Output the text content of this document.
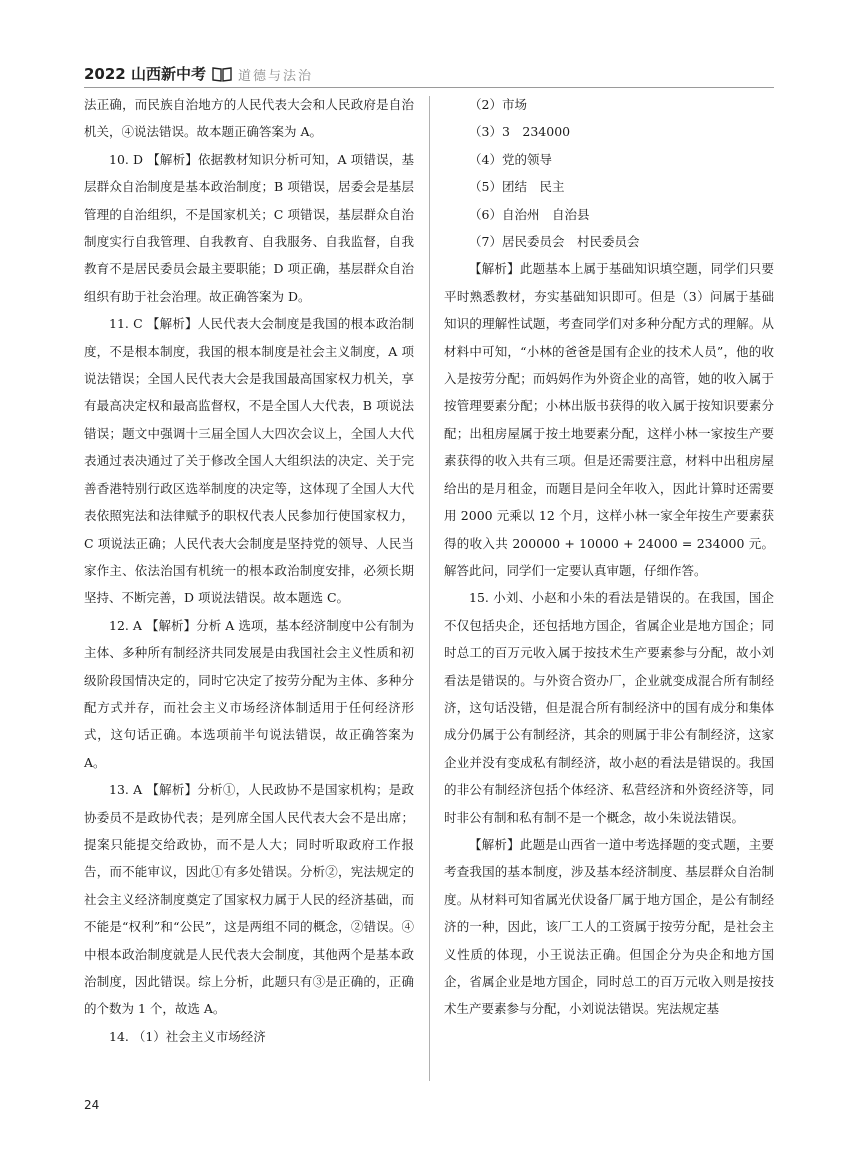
2022 山西新中考 道德与法治

法正确，而民族自治地方的人民代表大会和人民政府是自治机关，④说法错误。故本题正确答案为 A。

10. D 【解析】依据教材知识分析可知，A 项错误，基层群众自治制度是基本政治制度；B 项错误，居委会是基层管理的自治组织，不是国家机关；C 项错误，基层群众自治制度实行自我管理、自我教育、自我服务、自我监督，自我教育不是居民委员会最主要职能；D 项正确，基层群众自治组织有助于社会治理。故正确答案为 D。

11. C 【解析】人民代表大会制度是我国的根本政治制度，不是根本制度，我国的根本制度是社会主义制度，A 项说法错误；全国人民代表大会是我国最高国家权力机关，享有最高决定权和最高监督权，不是全国人大代表，B 项说法错误；题文中强调十三届全国人大四次会议上，全国人大代表通过表决通过了关于修改全国人大组织法的决定、关于完善香港特别行政区选举制度的决定等，这体现了全国人大代表依照宪法和法律赋予的职权代表人民参加行使国家权力，C 项说法正确；人民代表大会制度是坚持党的领导、人民当家作主、依法治国有机统一的根本政治制度安排，必须长期坚持、不断完善，D 项说法错误。故本题选 C。

12. A 【解析】分析 A 选项，基本经济制度中公有制为主体、多种所有制经济共同发展是由我国社会主义性质和初级阶段国情决定的，同时它决定了按劳分配为主体、多种分配方式并存，而社会主义市场经济体制适用于任何经济形式，这句话正确。本选项前半句说法错误，故正确答案为 A。

13. A 【解析】分析①，人民政协不是国家机构；是政协委员不是政协代表；是列席全国人民代表大会不是出席；提案只能提交给政协，而不是人大；同时听取政府工作报告，而不能审议，因此①有多处错误。分析②，宪法规定的社会主义经济制度奠定了国家权力属于人民的经济基础，而不能是“权利”和“公民”，这是两组不同的概念，②错误。④中根本政治制度就是人民代表大会制度，其他两个是基本政治制度，因此错误。综上分析，此题只有③是正确的，正确的个数为 1 个，故选 A。

14. （1）社会主义市场经济

（2）市场

（3）3　234000

（4）党的领导

（5）团结　民主

（6）自治州　自治县

（7）居民委员会　村民委员会

【解析】此题基本上属于基础知识填空题，同学们只要平时熟悉教材，夯实基础知识即可。但是（3）问属于基础知识的理解性试题，考查同学们对多种分配方式的理解。从材料中可知，“小林的爸爸是国有企业的技术人员”，他的收入是按劳分配；而妈妈作为外资企业的高管，她的收入属于按管理要素分配；小林出版书获得的收入属于按知识要素分配；出租房屋属于按土地要素分配，这样小林一家按生产要素获得的收入共有三项。但是还需要注意，材料中出租房屋给出的是月租金，而题目是问全年收入，因此计算时还需要用 2000 元乘以 12 个月，这样小林一家全年按生产要素获得的收入共 200000 + 10000 + 24000 = 234000 元。解答此问，同学们一定要认真审题，仔细作答。

15. 小刘、小赵和小朱的看法是错误的。在我国，国企不仅包括央企，还包括地方国企，省属企业是地方国企；同时总工的百万元收入属于按技术生产要素参与分配，故小刘看法是错误的。与外资合资办厂，企业就变成混合所有制经济，这句话没错，但是混合所有制经济中的国有成分和集体成分仍属于公有制经济，其余的则属于非公有制经济，这家企业并没有变成私有制经济，故小赵的看法是错误的。我国的非公有制经济包括个体经济、私营经济和外资经济等，同时非公有制和私有制不是一个概念，故小朱说法错误。

【解析】此题是山西省一道中考选择题的变式题，主要考查我国的基本制度，涉及基本经济制度、基层群众自治制度。从材料可知省属光伏设备厂属于地方国企，是公有制经济的一种，因此，该厂工人的工资属于按劳分配，是社会主义性质的体现，小王说法正确。但国企分为央企和地方国企，省属企业是地方国企，同时总工的百万元收入则是按技术生产要素参与分配，小刘说法错误。宪法规定基

24
